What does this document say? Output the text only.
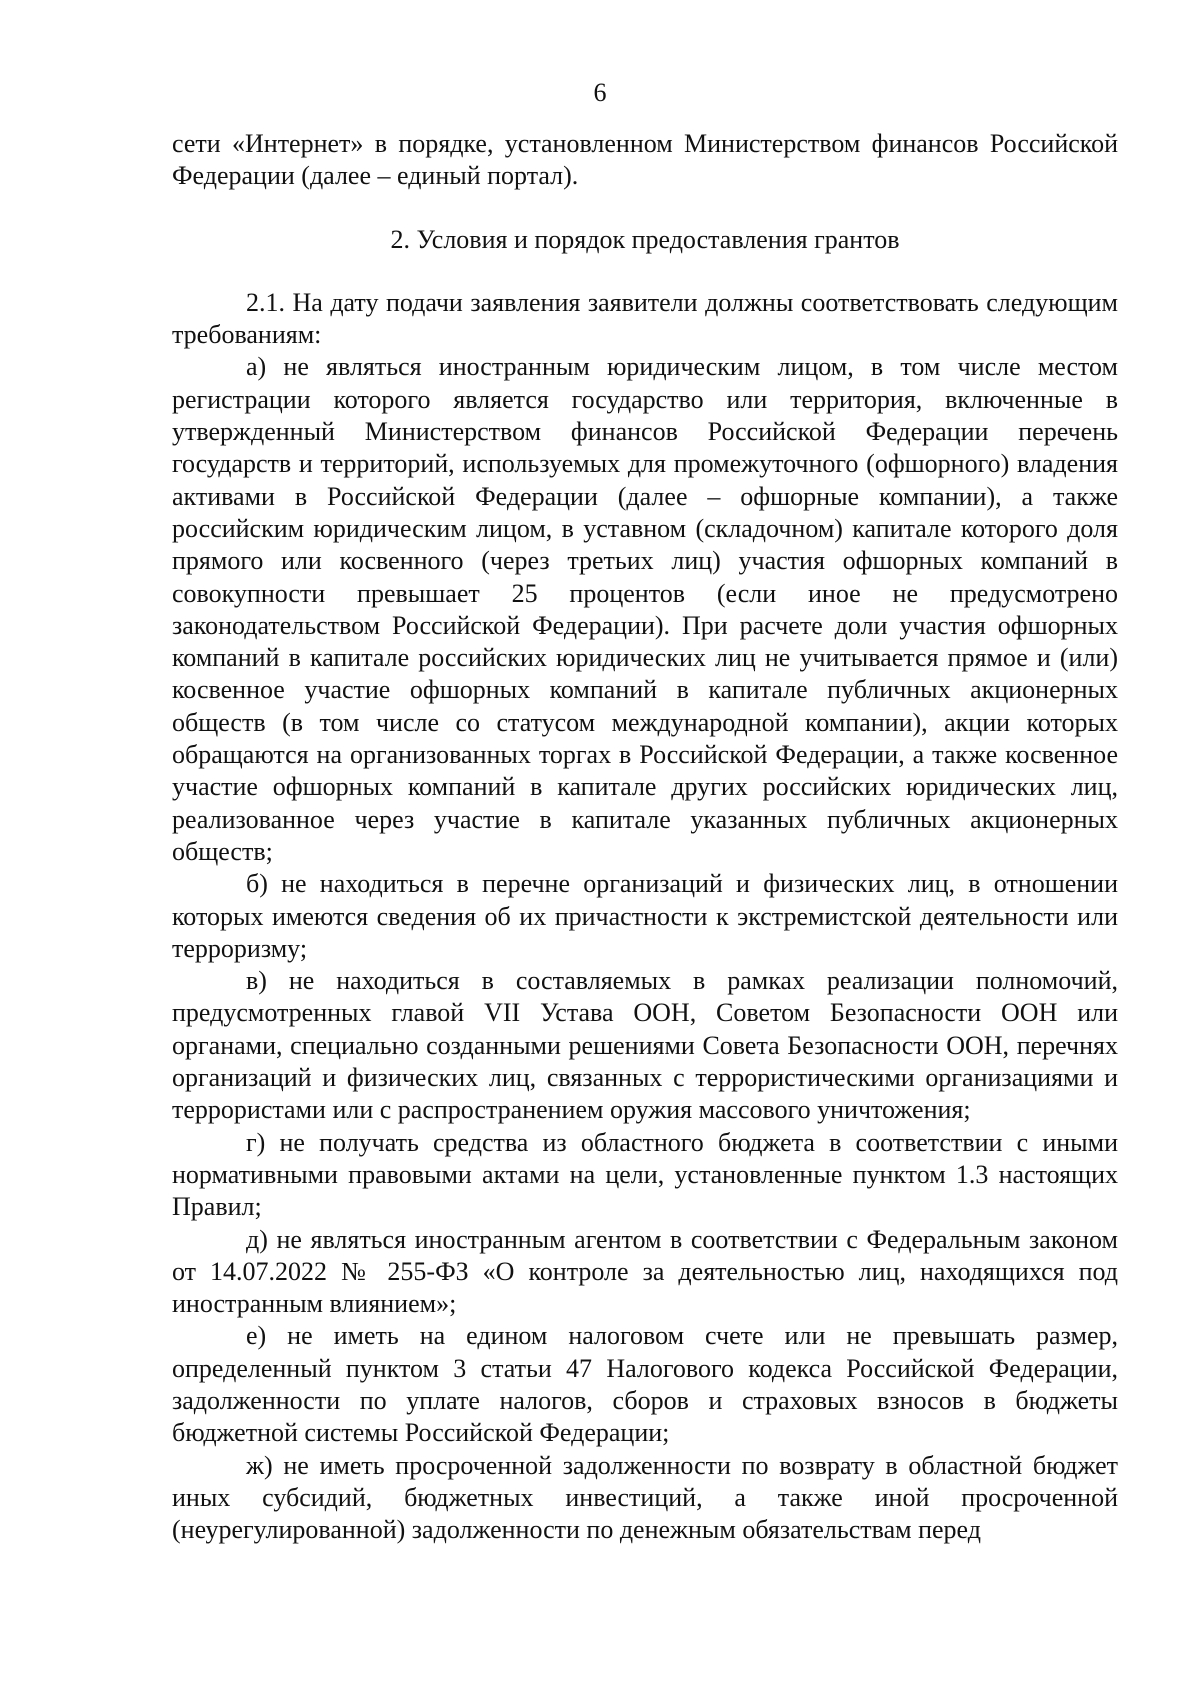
6

сети «Интернет» в порядке, установленном Министерством финансов Российской Федерации (далее – единый портал).

2. Условия и порядок предоставления грантов

2.1. На дату подачи заявления заявители должны соответствовать следующим требованиям:

а) не являться иностранным юридическим лицом, в том числе местом регистрации которого является государство или территория, включенные в утвержденный Министерством финансов Российской Федерации перечень государств и территорий, используемых для промежуточного (офшорного) владения активами в Российской Федерации (далее – офшорные компании), а также российским юридическим лицом, в уставном (складочном) капитале которого доля прямого или косвенного (через третьих лиц) участия офшорных компаний в совокупности превышает 25 процентов (если иное не предусмотрено законодательством Российской Федерации). При расчете доли участия офшорных компаний в капитале российских юридических лиц не учитывается прямое и (или) косвенное участие офшорных компаний в капитале публичных акционерных обществ (в том числе со статусом международной компании), акции которых обращаются на организованных торгах в Российской Федерации, а также косвенное участие офшорных компаний в капитале других российских юридических лиц, реализованное через участие в капитале указанных публичных акционерных обществ;

б) не находиться в перечне организаций и физических лиц, в отношении которых имеются сведения об их причастности к экстремистской деятельности или терроризму;

в) не находиться в составляемых в рамках реализации полномочий, предусмотренных главой VII Устава ООН, Советом Безопасности ООН или органами, специально созданными решениями Совета Безопасности ООН, перечнях организаций и физических лиц, связанных с террористическими организациями и террористами или с распространением оружия массового уничтожения;

г) не получать средства из областного бюджета в соответствии с иными нормативными правовыми актами на цели, установленные пунктом 1.3 настоящих Правил;

д) не являться иностранным агентом в соответствии с Федеральным законом от 14.07.2022 № 255-ФЗ «О контроле за деятельностью лиц, находящихся под иностранным влиянием»;

е) не иметь на едином налоговом счете или не превышать размер, определенный пунктом 3 статьи 47 Налогового кодекса Российской Федерации, задолженности по уплате налогов, сборов и страховых взносов в бюджеты бюджетной системы Российской Федерации;

ж) не иметь просроченной задолженности по возврату в областной бюджет иных субсидий, бюджетных инвестиций, а также иной просроченной (неурегулированной) задолженности по денежным обязательствам перед
